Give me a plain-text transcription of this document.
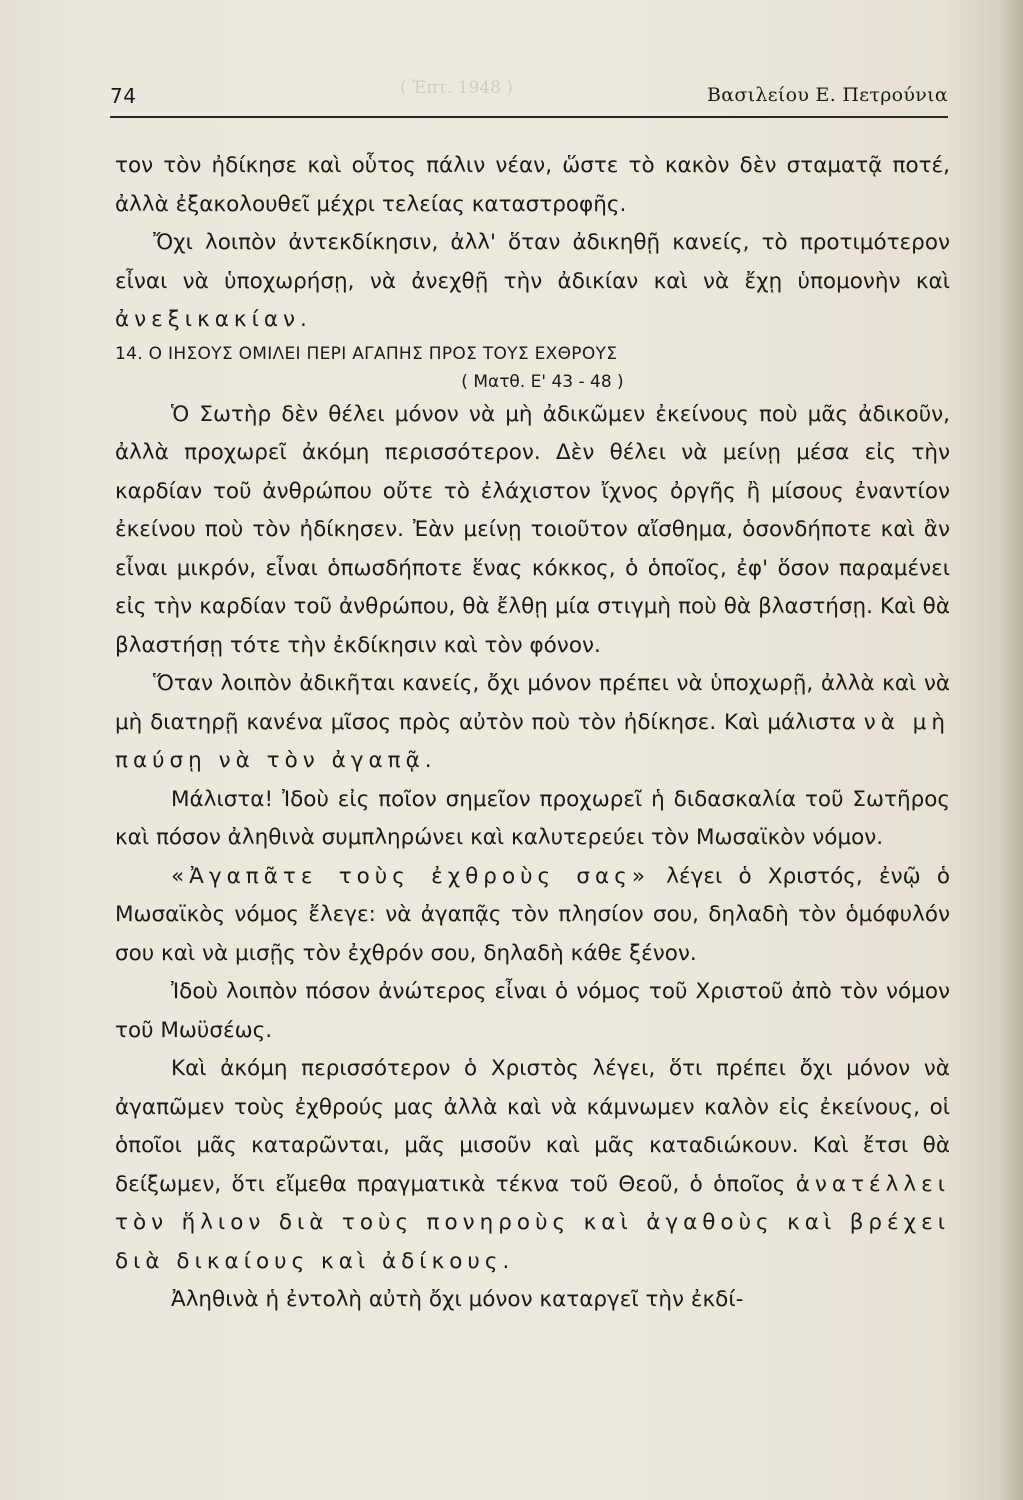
( Ἑπτ. 1948 )
74	Βασιλείου Ε. Πετρούνια

τον τὸν ἠδίκησε καὶ οὗτος πάλιν νέαν, ὥστε τὸ κακὸν δὲν σταματᾷ ποτέ, ἀλλὰ ἐξακολουθεῖ μέχρι τελείας καταστροφῆς.

Ὄχι λοιπὸν ἀντεκδίκησιν, ἀλλ' ὅταν ἀδικηθῇ κανείς, τὸ προτιμότερον εἶναι νὰ ὑποχωρήσῃ, νὰ ἀνεχθῇ τὴν ἀδικίαν καὶ νὰ ἔχῃ ὑπομονὴν καὶ ἀνεξικακίαν.

14. Ο ΙΗΣΟΥΣ ΟΜΙΛΕΙ ΠΕΡΙ ΑΓΑΠΗΣ ΠΡΟΣ ΤΟΥΣ ΕΧΘΡΟΥΣ

( Ματθ. Ε' 43 - 48 )

Ὁ Σωτὴρ δὲν θέλει μόνον νὰ μὴ ἀδικῶμεν ἐκείνους ποὺ μᾶς ἀδικοῦν, ἀλλὰ προχωρεῖ ἀκόμη περισσότερον. Δὲν θέλει νὰ μείνῃ μέσα εἰς τὴν καρδίαν τοῦ ἀνθρώπου οὔτε τὸ ἐλάχιστον ἴχνος ὀργῆς ἢ μίσους ἐναντίον ἐκείνου ποὺ τὸν ἠδίκησεν. Ἐὰν μείνῃ τοιοῦτον αἴσθημα, ὁσονδήποτε καὶ ἂν εἶναι μικρόν, εἶναι ὁπωσδήποτε ἕνας κόκκος, ὁ ὁποῖος, ἐφ' ὅσον παραμένει εἰς τὴν καρδίαν τοῦ ἀνθρώπου, θὰ ἔλθῃ μία στιγμὴ ποὺ θὰ βλαστήσῃ. Καὶ θὰ βλαστήσῃ τότε τὴν ἐκδίκησιν καὶ τὸν φόνον.

Ὅταν λοιπὸν ἀδικῆται κανείς, ὄχι μόνον πρέπει νὰ ὑποχωρῇ, ἀλλὰ καὶ νὰ μὴ διατηρῇ κανένα μῖσος πρὸς αὐτὸν ποὺ τὸν ἠδίκησε. Καὶ μάλιστα νὰ μὴ παύσῃ νὰ τὸν ἀγαπᾷ.

Μάλιστα! Ἰδοὺ εἰς ποῖον σημεῖον προχωρεῖ ἡ διδασκαλία τοῦ Σωτῆρος καὶ πόσον ἀληθινὰ συμπληρώνει καὶ καλυτερεύει τὸν Μωσαϊκὸν νόμον.

«Ἀγαπᾶτε τοὺς ἐχθροὺς σας» λέγει ὁ Χριστός, ἐνῷ ὁ Μωσαϊκὸς νόμος ἔλεγε: νὰ ἀγαπᾷς τὸν πλησίον σου, δηλαδὴ τὸν ὁμόφυλόν σου καὶ νὰ μισῇς τὸν ἐχθρόν σου, δηλαδὴ κάθε ξένον.

Ἰδοὺ λοιπὸν πόσον ἀνώτερος εἶναι ὁ νόμος τοῦ Χριστοῦ ἀπὸ τὸν νόμον τοῦ Μωϋσέως.

Καὶ ἀκόμη περισσότερον ὁ Χριστὸς λέγει, ὅτι πρέπει ὄχι μόνον νὰ ἀγαπῶμεν τοὺς ἐχθρούς μας ἀλλὰ καὶ νὰ κάμνωμεν καλὸν εἰς ἐκείνους, οἱ ὁποῖοι μᾶς καταρῶνται, μᾶς μισοῦν καὶ μᾶς καταδιώκουν. Καὶ ἔτσι θὰ δείξωμεν, ὅτι εἴμεθα πραγματικὰ τέκνα τοῦ Θεοῦ, ὁ ὁποῖος ἀνατέλλει τὸν ἥλιον διὰ τοὺς πονηροὺς καὶ ἀγαθοὺς καὶ βρέχει διὰ δικαίους καὶ ἀδίκους.

Ἀληθινὰ ἡ ἐντολὴ αὐτὴ ὄχι μόνον καταργεῖ τὴν ἐκδί-
